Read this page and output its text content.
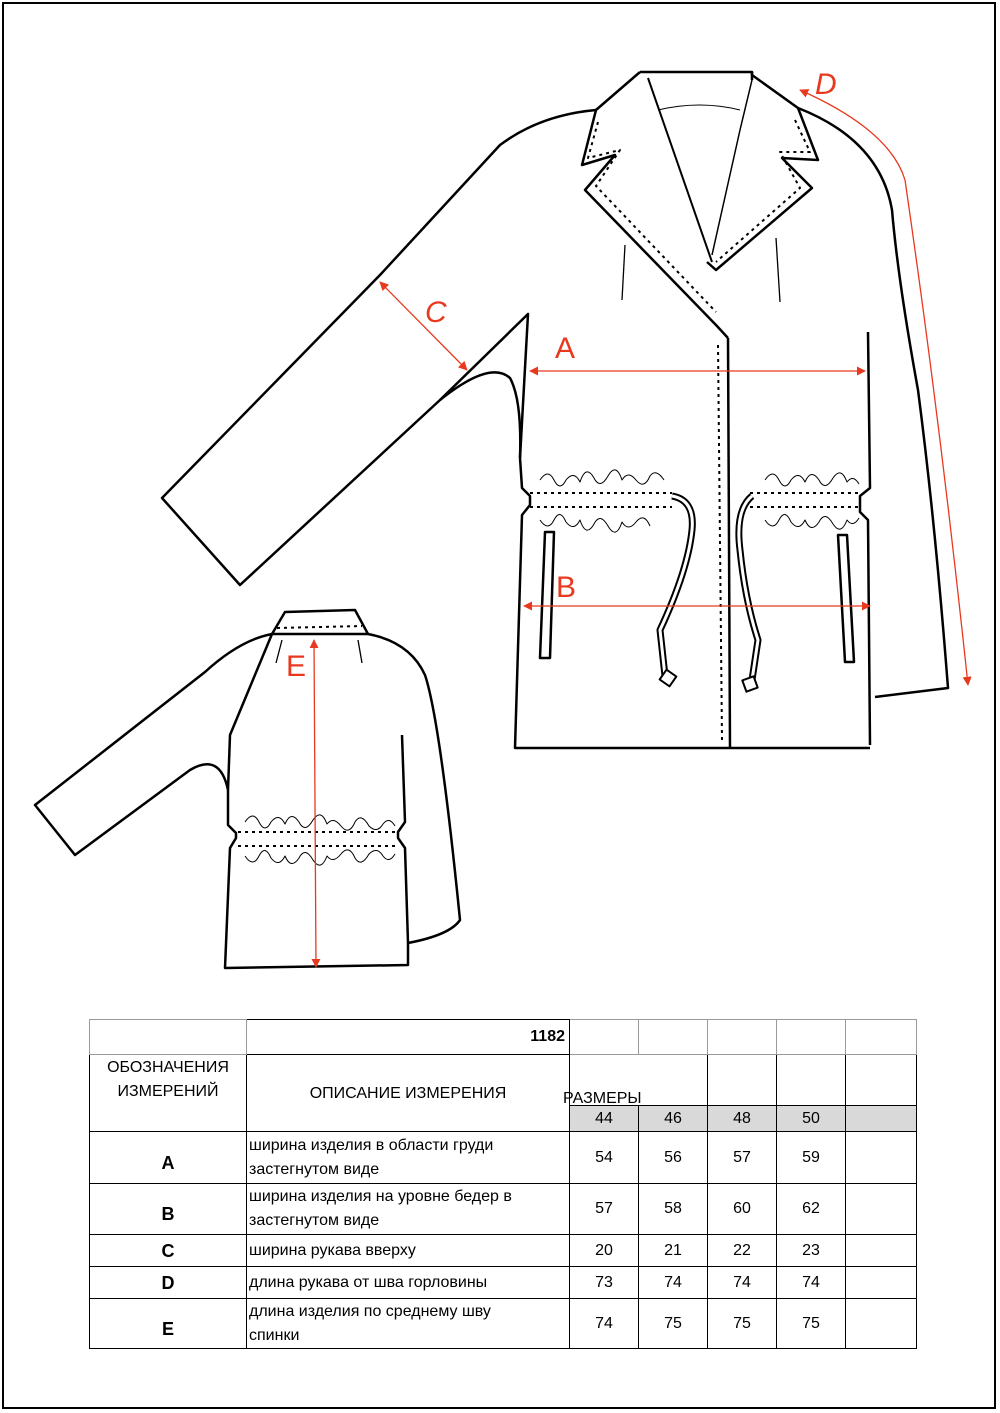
A
B
C
D
E
	1182					

ОБОЗНАЧЕНИЯ
ИЗМЕРЕНИЙ	ОПИСАНИЕ ИЗМЕРЕНИЯ	РАЗМЕРЫ				

		44	46	48	50	

A	ширина изделия в области груди
застегнутом виде	54	56	57	59	

B	ширина изделия на уровне бедер в
застегнутом виде	57	58	60	62	

C	ширина рукава вверху	20	21	22	23	

D	длина рукава от шва горловины	73	74	74	74	

E	длина изделия по среднему шву
спинки	74	75	75	75	
